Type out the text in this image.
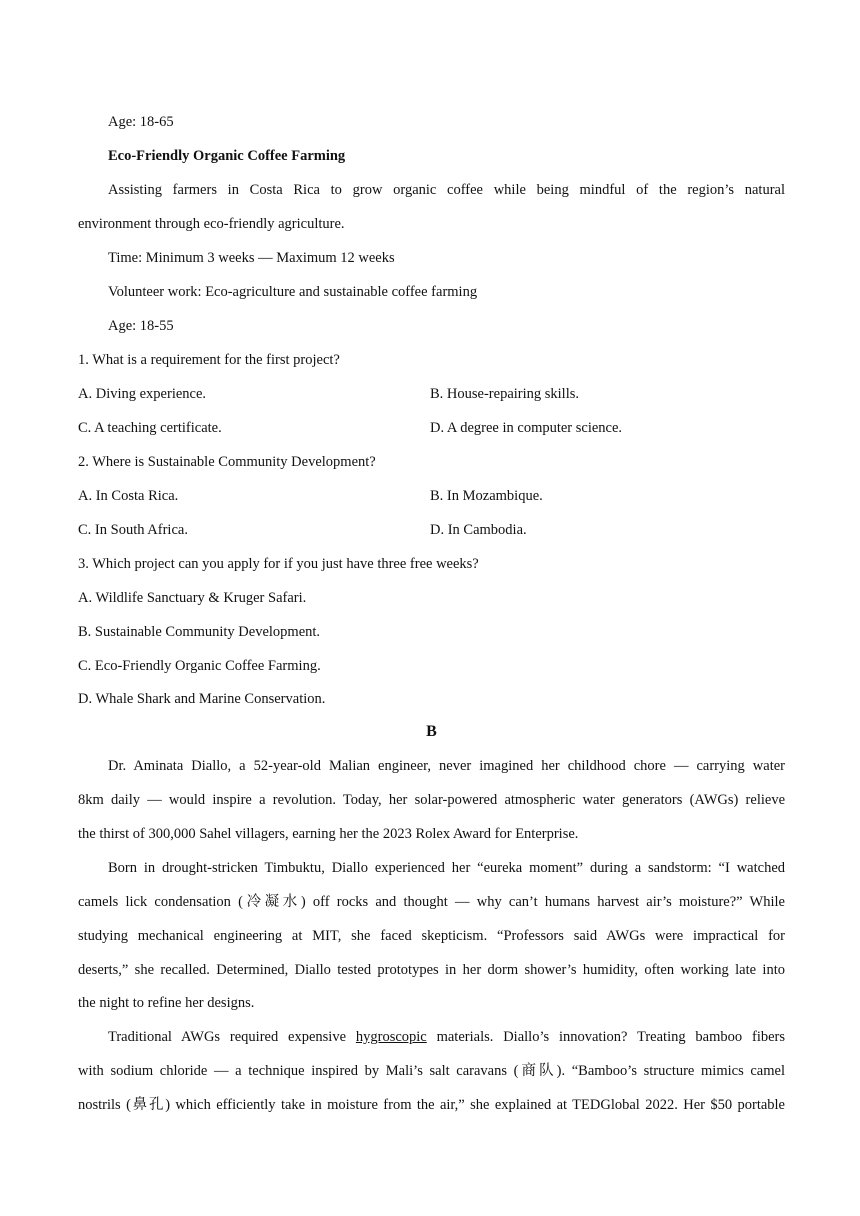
Age: 18-65
Eco-Friendly Organic Coffee Farming
Assisting farmers in Costa Rica to grow organic coffee while being mindful of the region’s natural
environment through eco-friendly agriculture.
Time: Minimum 3 weeks — Maximum 12 weeks
Volunteer work: Eco-agriculture and sustainable coffee farming
Age: 18-55
1. What is a requirement for the first project?
A. Diving experience.	B. House-repairing skills.
C. A teaching certificate.	D. A degree in computer science.
2. Where is Sustainable Community Development?
A. In Costa Rica.	B. In Mozambique.
C. In South Africa.	D. In Cambodia.
3. Which project can you apply for if you just have three free weeks?
A. Wildlife Sanctuary & Kruger Safari.
B. Sustainable Community Development.
C. Eco-Friendly Organic Coffee Farming.
D. Whale Shark and Marine Conservation.
B
Dr. Aminata Diallo, a 52-year-old Malian engineer, never imagined her childhood chore — carrying water
8km daily — would inspire a revolution. Today, her solar-powered atmospheric water generators (AWGs) relieve
the thirst of 300,000 Sahel villagers, earning her the 2023 Rolex Award for Enterprise.
Born in drought-stricken Timbuktu, Diallo experienced her “eureka moment” during a sandstorm: “I watched
camels lick condensation (冷凝水) off rocks and thought — why can’t humans harvest air’s moisture?” While
studying mechanical engineering at MIT, she faced skepticism. “Professors said AWGs were impractical for
deserts,” she recalled. Determined, Diallo tested prototypes in her dorm shower’s humidity, often working late into
the night to refine her designs.
Traditional AWGs required expensive hygroscopic materials. Diallo’s innovation? Treating bamboo fibers
with sodium chloride — a technique inspired by Mali’s salt caravans (商队). “Bamboo’s structure mimics camel
nostrils (鼻孔) which efficiently take in moisture from the air,” she explained at TEDGlobal 2022. Her $50 portable
